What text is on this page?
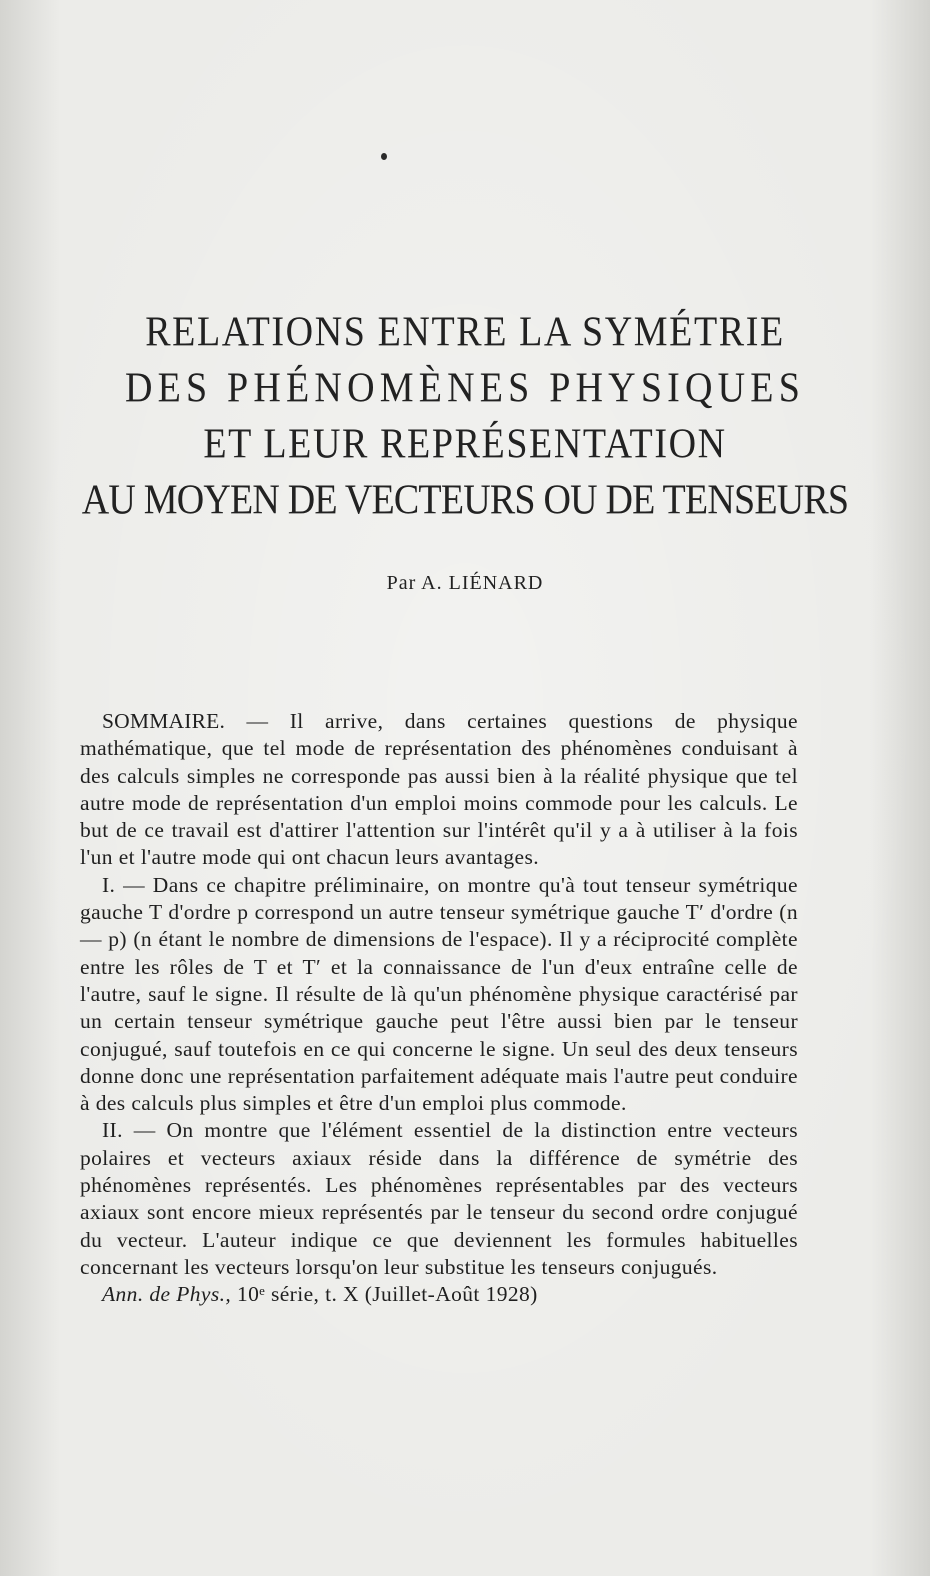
RELATIONS ENTRE LA SYMÉTRIE
DES PHÉNOMÈNES PHYSIQUES
ET LEUR REPRÉSENTATION
AU MOYEN DE VECTEURS OU DE TENSEURS
Par A. LIÉNARD

SOMMAIRE. — Il arrive, dans certaines questions de physique mathématique, que tel mode de représentation des phénomènes conduisant à des calculs simples ne corresponde pas aussi bien à la réalité physique que tel autre mode de représentation d'un emploi moins commode pour les calculs. Le but de ce travail est d'attirer l'attention sur l'intérêt qu'il y a à utiliser à la fois l'un et l'autre mode qui ont chacun leurs avantages.

I. — Dans ce chapitre préliminaire, on montre qu'à tout tenseur symétrique gauche T d'ordre p correspond un autre tenseur symétrique gauche T′ d'ordre (n — p) (n étant le nombre de dimensions de l'espace). Il y a réciprocité complète entre les rôles de T et T′ et la connaissance de l'un d'eux entraîne celle de l'autre, sauf le signe. Il résulte de là qu'un phénomène physique caractérisé par un certain tenseur symétrique gauche peut l'être aussi bien par le tenseur conjugué, sauf toutefois en ce qui concerne le signe. Un seul des deux tenseurs donne donc une représentation parfaitement adéquate mais l'autre peut conduire à des calculs plus simples et être d'un emploi plus commode.

II. — On montre que l'élément essentiel de la distinction entre vecteurs polaires et vecteurs axiaux réside dans la différence de symétrie des phénomènes représentés. Les phénomènes représentables par des vecteurs axiaux sont encore mieux représentés par le tenseur du second ordre conjugué du vecteur. L'auteur indique ce que deviennent les formules habituelles concernant les vecteurs lorsqu'on leur substitue les tenseurs conjugués.

Ann. de Phys., 10ᵉ série, t. X (Juillet-Août 1928)
